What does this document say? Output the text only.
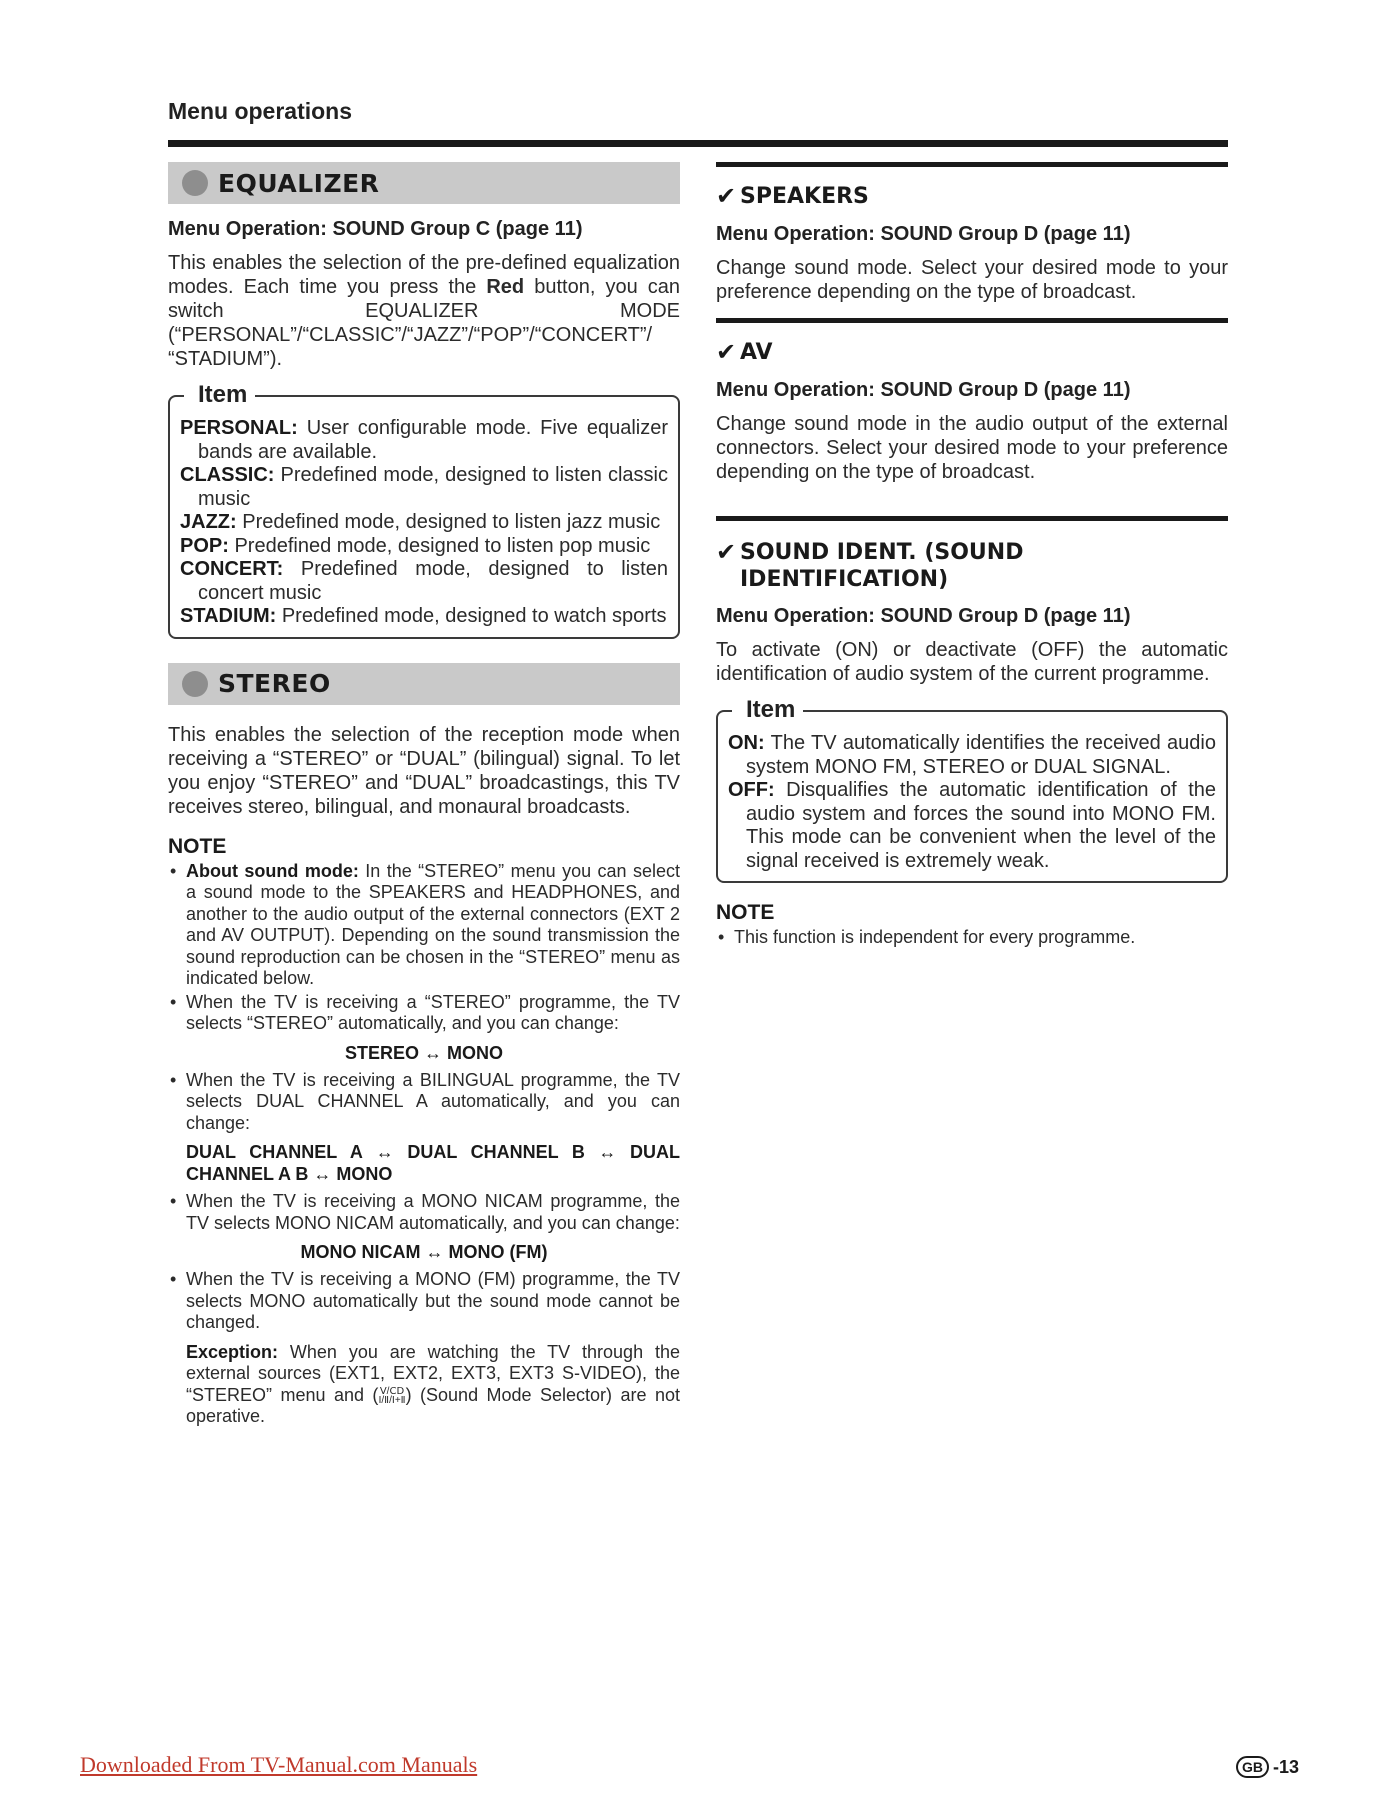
Menu operations
EQUALIZER
Menu Operation: SOUND Group C (page 11)

This enables the selection of the pre-defined equalization modes. Each time you press the Red button, you can switch EQUALIZER MODE (“PERSONAL”/“CLASSIC”/“JAZZ”/“POP”/“CONCERT”/ “STADIUM”).

Item
PERSONAL: User configurable mode. Five equalizer bands are available.
CLASSIC: Predefined mode, designed to listen classic music
JAZZ: Predefined mode, designed to listen jazz music
POP: Predefined mode, designed to listen pop music
CONCERT: Predefined mode, designed to listen concert music
STADIUM: Predefined mode, designed to watch sports
STEREO

This enables the selection of the reception mode when receiving a “STEREO” or “DUAL” (bilingual) signal. To let you enjoy “STEREO” and “DUAL” broadcastings, this TV receives stereo, bilingual, and monaural broadcasts.

NOTE
• About sound mode: In the “STEREO” menu you can select a sound mode to the SPEAKERS and HEADPHONES, and another to the audio output of the external connectors (EXT 2 and AV OUTPUT). Depending on the sound transmission the sound reproduction can be chosen in the “STEREO” menu as indicated below.
• When the TV is receiving a “STEREO” programme, the TV selects “STEREO” automatically, and you can change:
STEREO ↔ MONO
• When the TV is receiving a BILINGUAL programme, the TV selects DUAL CHANNEL A automatically, and you can change:
DUAL CHANNEL A ↔ DUAL CHANNEL B ↔ DUAL CHANNEL A B ↔ MONO
• When the TV is receiving a MONO NICAM programme, the TV selects MONO NICAM automatically, and you can change:
MONO NICAM ↔ MONO (FM)
• When the TV is receiving a MONO (FM) programme, the TV selects MONO automatically but the sound mode cannot be changed.
Exception: When you are watching the TV through the external sources (EXT1, EXT2, EXT3, EXT3 S-VIDEO), the “STEREO” menu and (Ⅴ/ⅭⅮ
Ⅰ/Ⅱ/Ⅰ+Ⅱ) (Sound Mode Selector) are not operative.
✔ SPEAKERS
Menu Operation: SOUND Group D (page 11)

Change sound mode. Select your desired mode to your preference depending on the type of broadcast.

✔ AV
Menu Operation: SOUND Group D (page 11)

Change sound mode in the audio output of the external connectors. Select your desired mode to your preference depending on the type of broadcast.

✔ SOUND IDENT. (SOUND
IDENTIFICATION)
Menu Operation: SOUND Group D (page 11)

To activate (ON) or deactivate (OFF) the automatic identification of audio system of the current programme.

Item
ON: The TV automatically identifies the received audio system MONO FM, STEREO or DUAL SIGNAL.
OFF: Disqualifies the automatic identification of the audio system and forces the sound into MONO FM. This mode can be convenient when the level of the signal received is extremely weak.
NOTE
• This function is independent for every programme.
Downloaded From TV-Manual.com Manuals	GB -13
